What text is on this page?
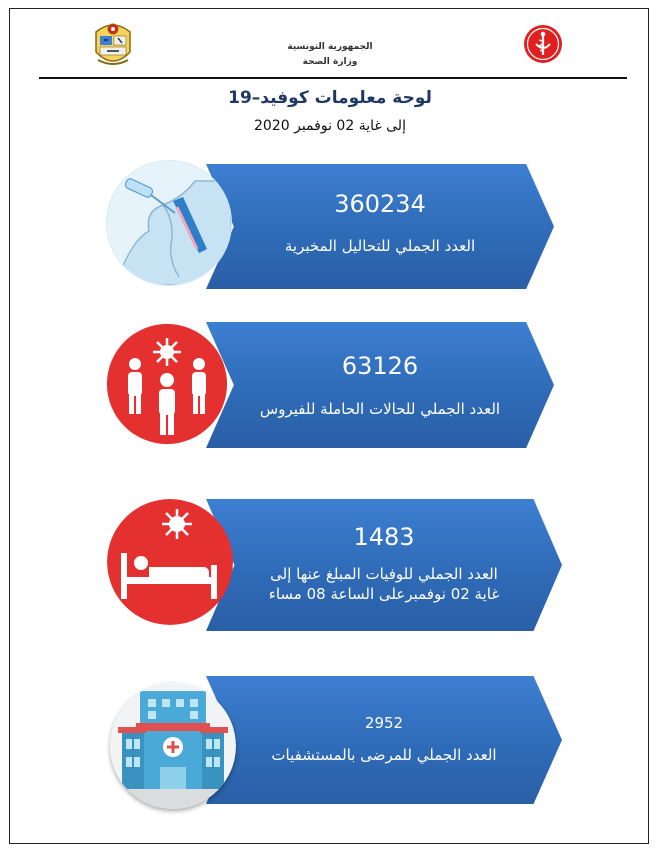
الجمهورية التونسية
وزارة الصحة
لوحة معلومات كوفيد–19
إلى غاية 02 نوفمبر 2020
360234
العدد الجملي للتحاليل المخبرية
63126
العدد الجملي للحالات الحاملة للفيروس
1483
العدد الجملي للوفيات المبلغ عنها إلى
غاية 02 نوفمبرعلى الساعة 08 مساء
2952
العدد الجملي للمرضى بالمستشفيات
